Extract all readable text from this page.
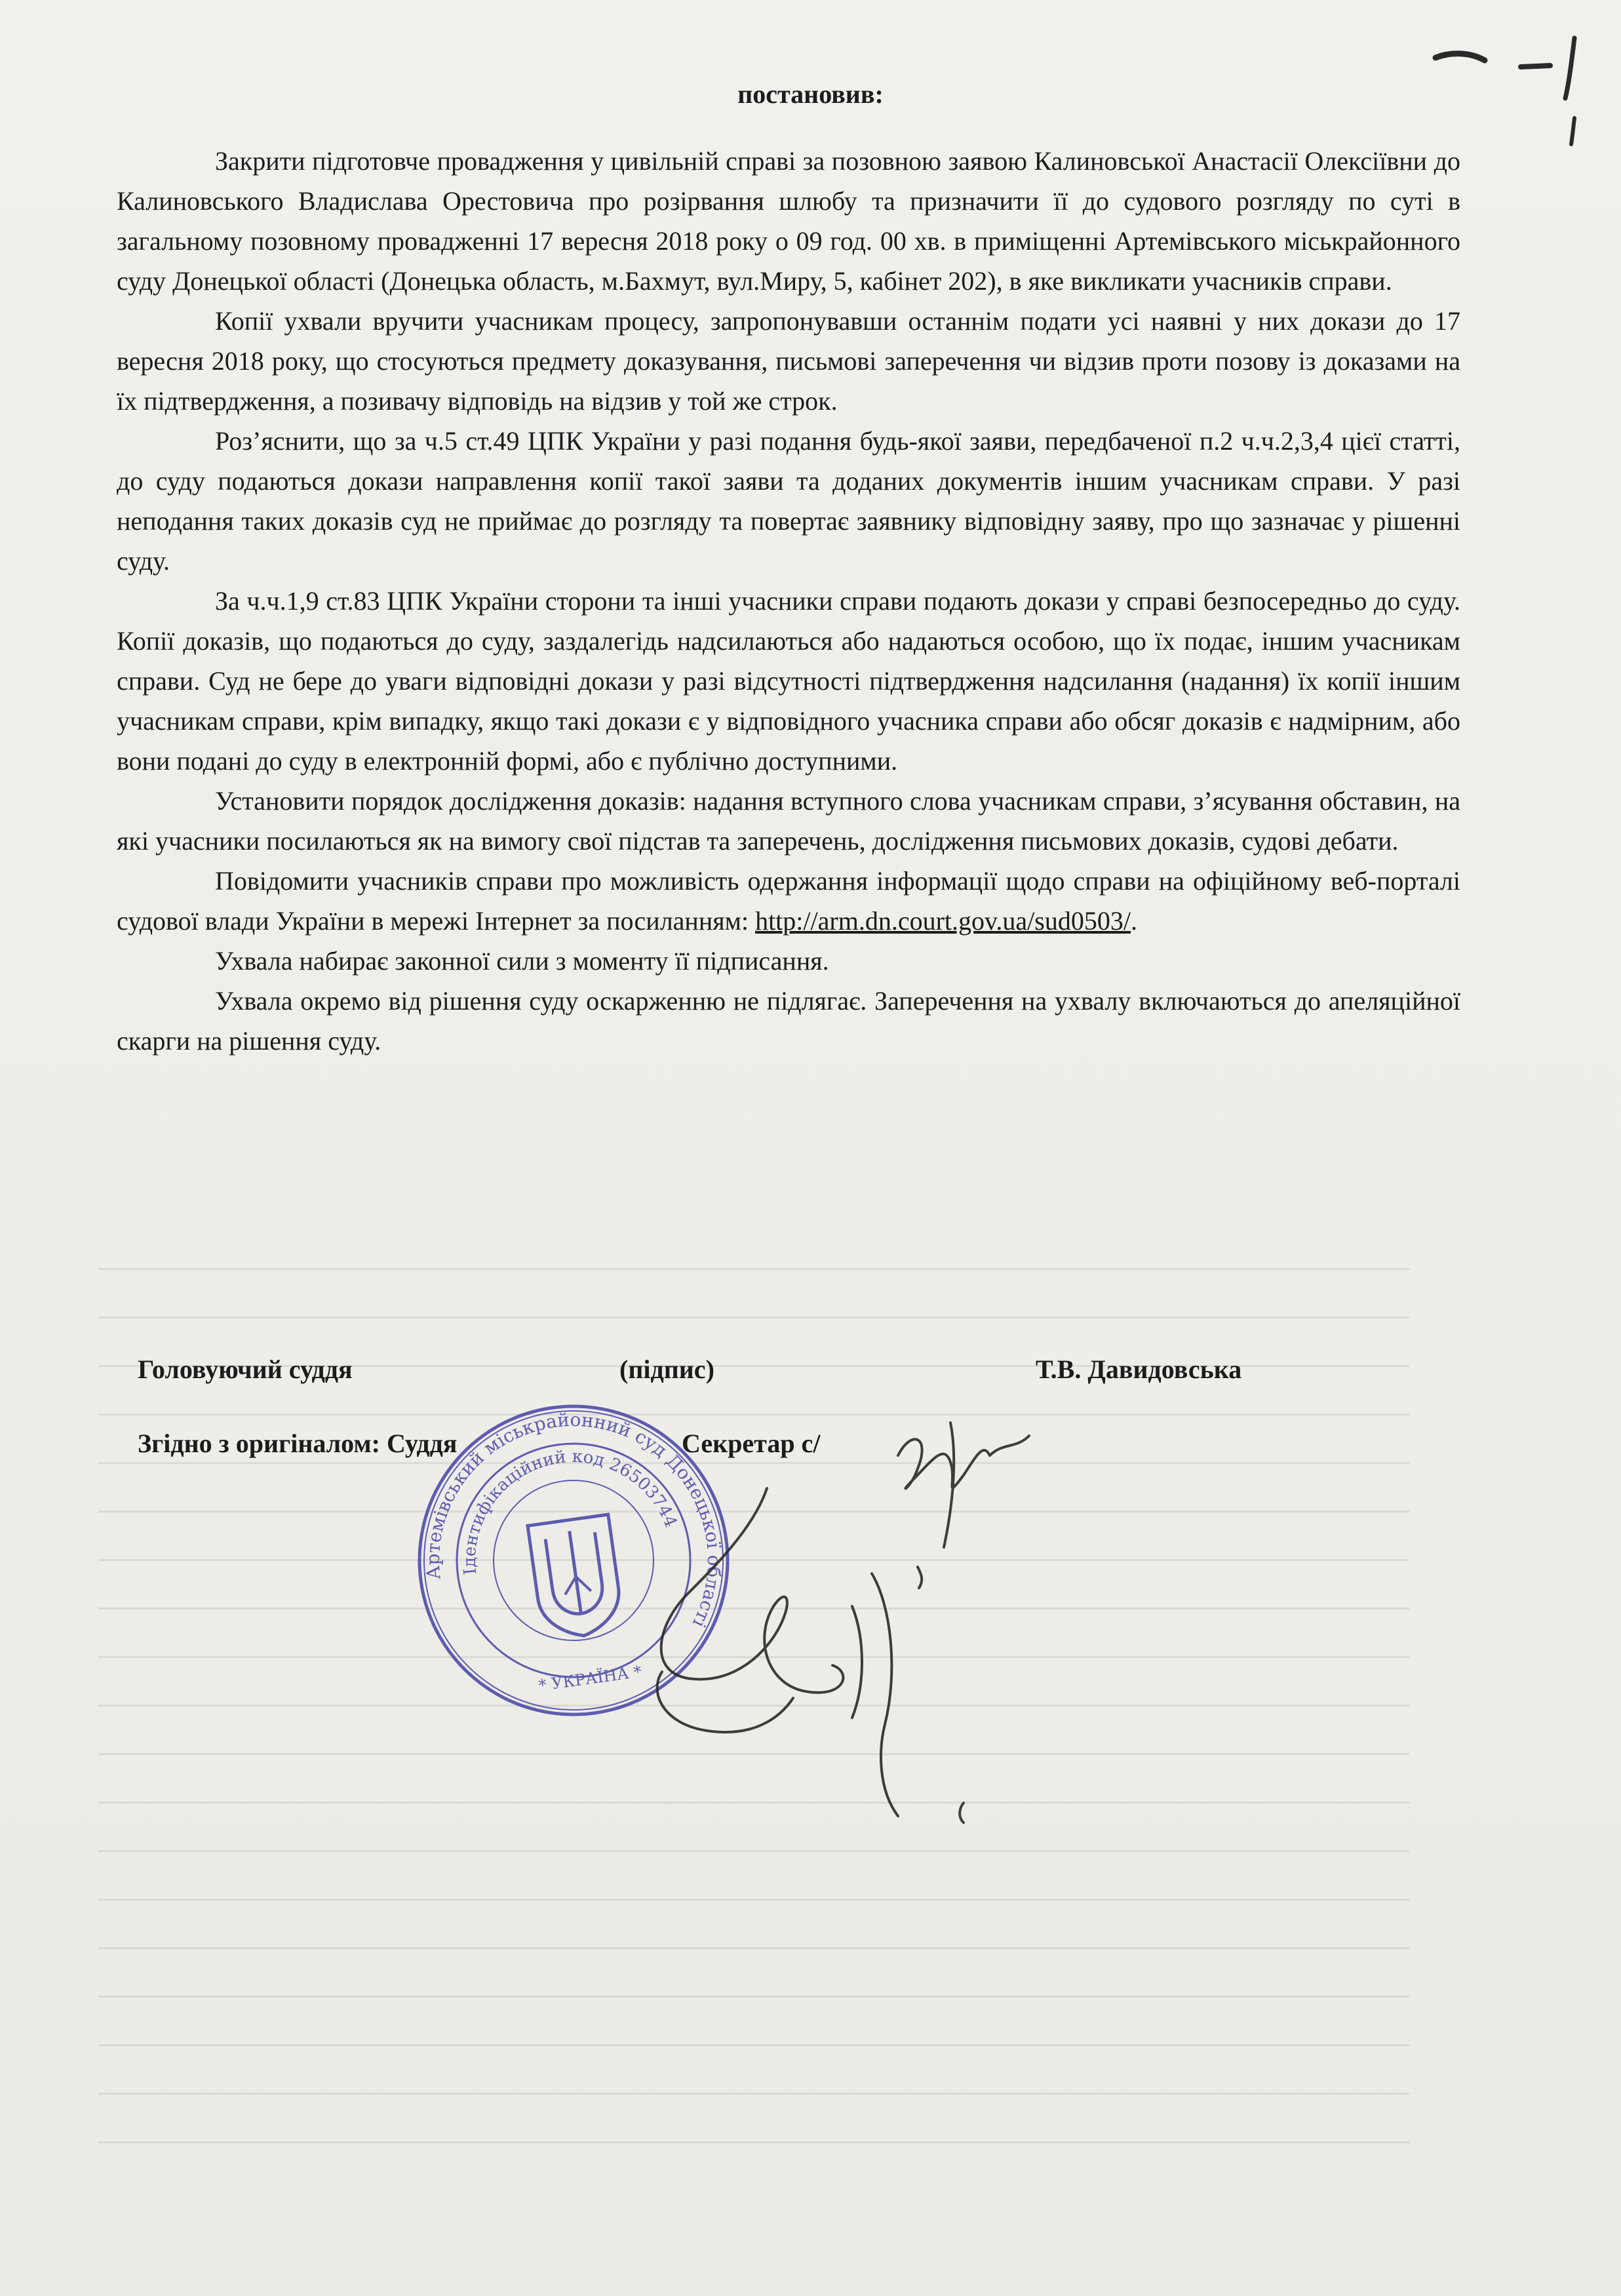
постановив:

Закрити підготовче провадження у цивільній справі за позовною заявою Калиновської Анастасії Олексіївни до Калиновського Владислава Орестовича про розірвання шлюбу та призначити її до судового розгляду по суті в загальному позовному провадженні 17 вересня 2018 року о 09 год. 00 хв. в приміщенні Артемівського міськрайонного суду Донецької області (Донецька область, м.Бахмут, вул.Миру, 5, кабінет 202), в яке викликати учасників справи.

Копії ухвали вручити учасникам процесу, запропонувавши останнім подати усі наявні у них докази до 17 вересня 2018 року, що стосуються предмету доказування, письмові заперечення чи відзив проти позову із доказами на їх підтвердження, а позивачу відповідь на відзив у той же строк.

Роз’яснити, що за ч.5 ст.49 ЦПК України у разі подання будь-якої заяви, передбаченої п.2 ч.ч.2,3,4 цієї статті, до суду подаються докази направлення копії такої заяви та доданих документів іншим учасникам справи. У разі неподання таких доказів суд не приймає до розгляду та повертає заявнику відповідну заяву, про що зазначає у рішенні суду.

За ч.ч.1,9 ст.83 ЦПК України сторони та інші учасники справи подають докази у справі безпосередньо до суду. Копії доказів, що подаються до суду, заздалегідь надсилаються або надаються особою, що їх подає, іншим учасникам справи. Суд не бере до уваги відповідні докази у разі відсутності підтвердження надсилання (надання) їх копії іншим учасникам справи, крім випадку, якщо такі докази є у відповідного учасника справи або обсяг доказів є надмірним, або вони подані до суду в електронній формі, або є публічно доступними.

Установити порядок дослідження доказів: надання вступного слова учасникам справи, з’ясування обставин, на які учасники посилаються як на вимогу свої підстав та заперечень, дослідження письмових доказів, судові дебати.

Повідомити учасників справи про можливість одержання інформації щодо справи на офіційному веб-порталі судової влади України в мережі Інтернет за посиланням: http://arm.dn.court.gov.ua/sud0503/.

Ухвала набирає законної сили з моменту її підписання.

Ухвала окремо від рішення суду оскарженню не підлягає. Заперечення на ухвалу включаються до апеляційної скарги на рішення суду.

Головуючий суддя	(підпис)	Т.В. Давидовська
Згідно з оригіналом: Суддя	Секретар с/
Артемівський міськрайонний суд Донецької області
Ідентифікаційний код 26503744
* УКРАЇНА *
